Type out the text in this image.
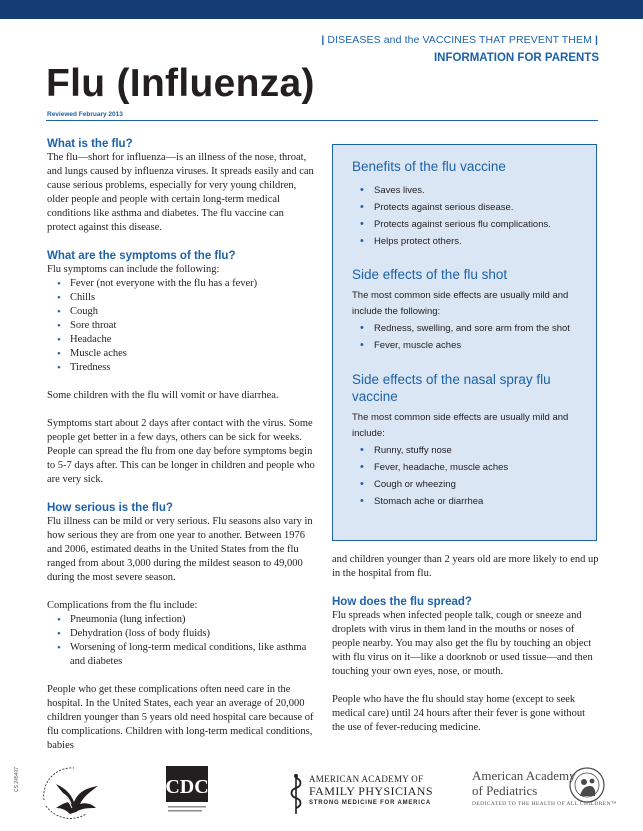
| DISEASES and the VACCINES THAT PREVENT THEM |
INFORMATION FOR PARENTS
Flu (Influenza)
Reviewed February 2013
What is the flu?

The flu—short for influenza—is an illness of the nose, throat, and lungs caused by influenza viruses. It spreads easily and can cause serious problems, especially for very young children, older people and people with certain long-term medical conditions like asthma and diabetes. The flu vaccine can protect against this disease.

What are the symptoms of the flu?

Flu symptoms can include the following:

• Fever (not everyone with the flu has a fever)
• Chills
• Cough
• Sore throat
• Headache
• Muscle aches
• Tiredness

Some children with the flu will vomit or have diarrhea.

Symptoms start about 2 days after contact with the virus. Some people get better in a few days, others can be sick for weeks. People can spread the flu from one day before symptoms begin to 5-7 days after. This can be longer in children and people who are very sick.

How serious is the flu?

Flu illness can be mild or very serious. Flu seasons also vary in how serious they are from one year to another. Between 1976 and 2006, estimated deaths in the United States from the flu ranged from about 3,000 during the mildest season to 49,000 during the most severe season.

Complications from the flu include:

• Pneumonia (lung infection)
• Dehydration (loss of body fluids)
• Worsening of long-term medical conditions, like asthma and diabetes

People who get these complications often need care in the hospital. In the United States, each year an average of 20,000 children younger than 5 years old need hospital care because of flu complications. Children with long-term medical conditions, babies

Benefits of the flu vaccine
• Saves lives.
• Protects against serious disease.
• Protects against serious flu complications.
• Helps protect others.
Side effects of the flu shot

The most common side effects are usually mild and include the following:

• Redness, swelling, and sore arm from the shot
• Fever, muscle aches
Side effects of the nasal spray flu vaccine

The most common side effects are usually mild and include:

• Runny, stuffy nose
• Fever, headache, muscle aches
• Cough or wheezing
• Stomach ache or diarrhea

and children younger than 2 years old are more likely to end up in the hospital from flu.

How does the flu spread?

Flu spreads when infected people talk, cough or sneeze and droplets with virus in them land in the mouths or noses of people nearby. You may also get the flu by touching an object with flu virus on it—like a doorknob or used tissue—and then touching your own eyes, nose, or mouth.

People who have the flu should stay home (except to seek medical care) until 24 hours after their fever is gone without the use of fever-reducing medicine.

CS 245407	CDC	AMERICAN ACADEMY OF
FAMILY PHYSICIANS
STRONG MEDICINE FOR AMERICA
American Academy
of Pediatrics
DEDICATED TO THE HEALTH OF ALL CHILDREN™
